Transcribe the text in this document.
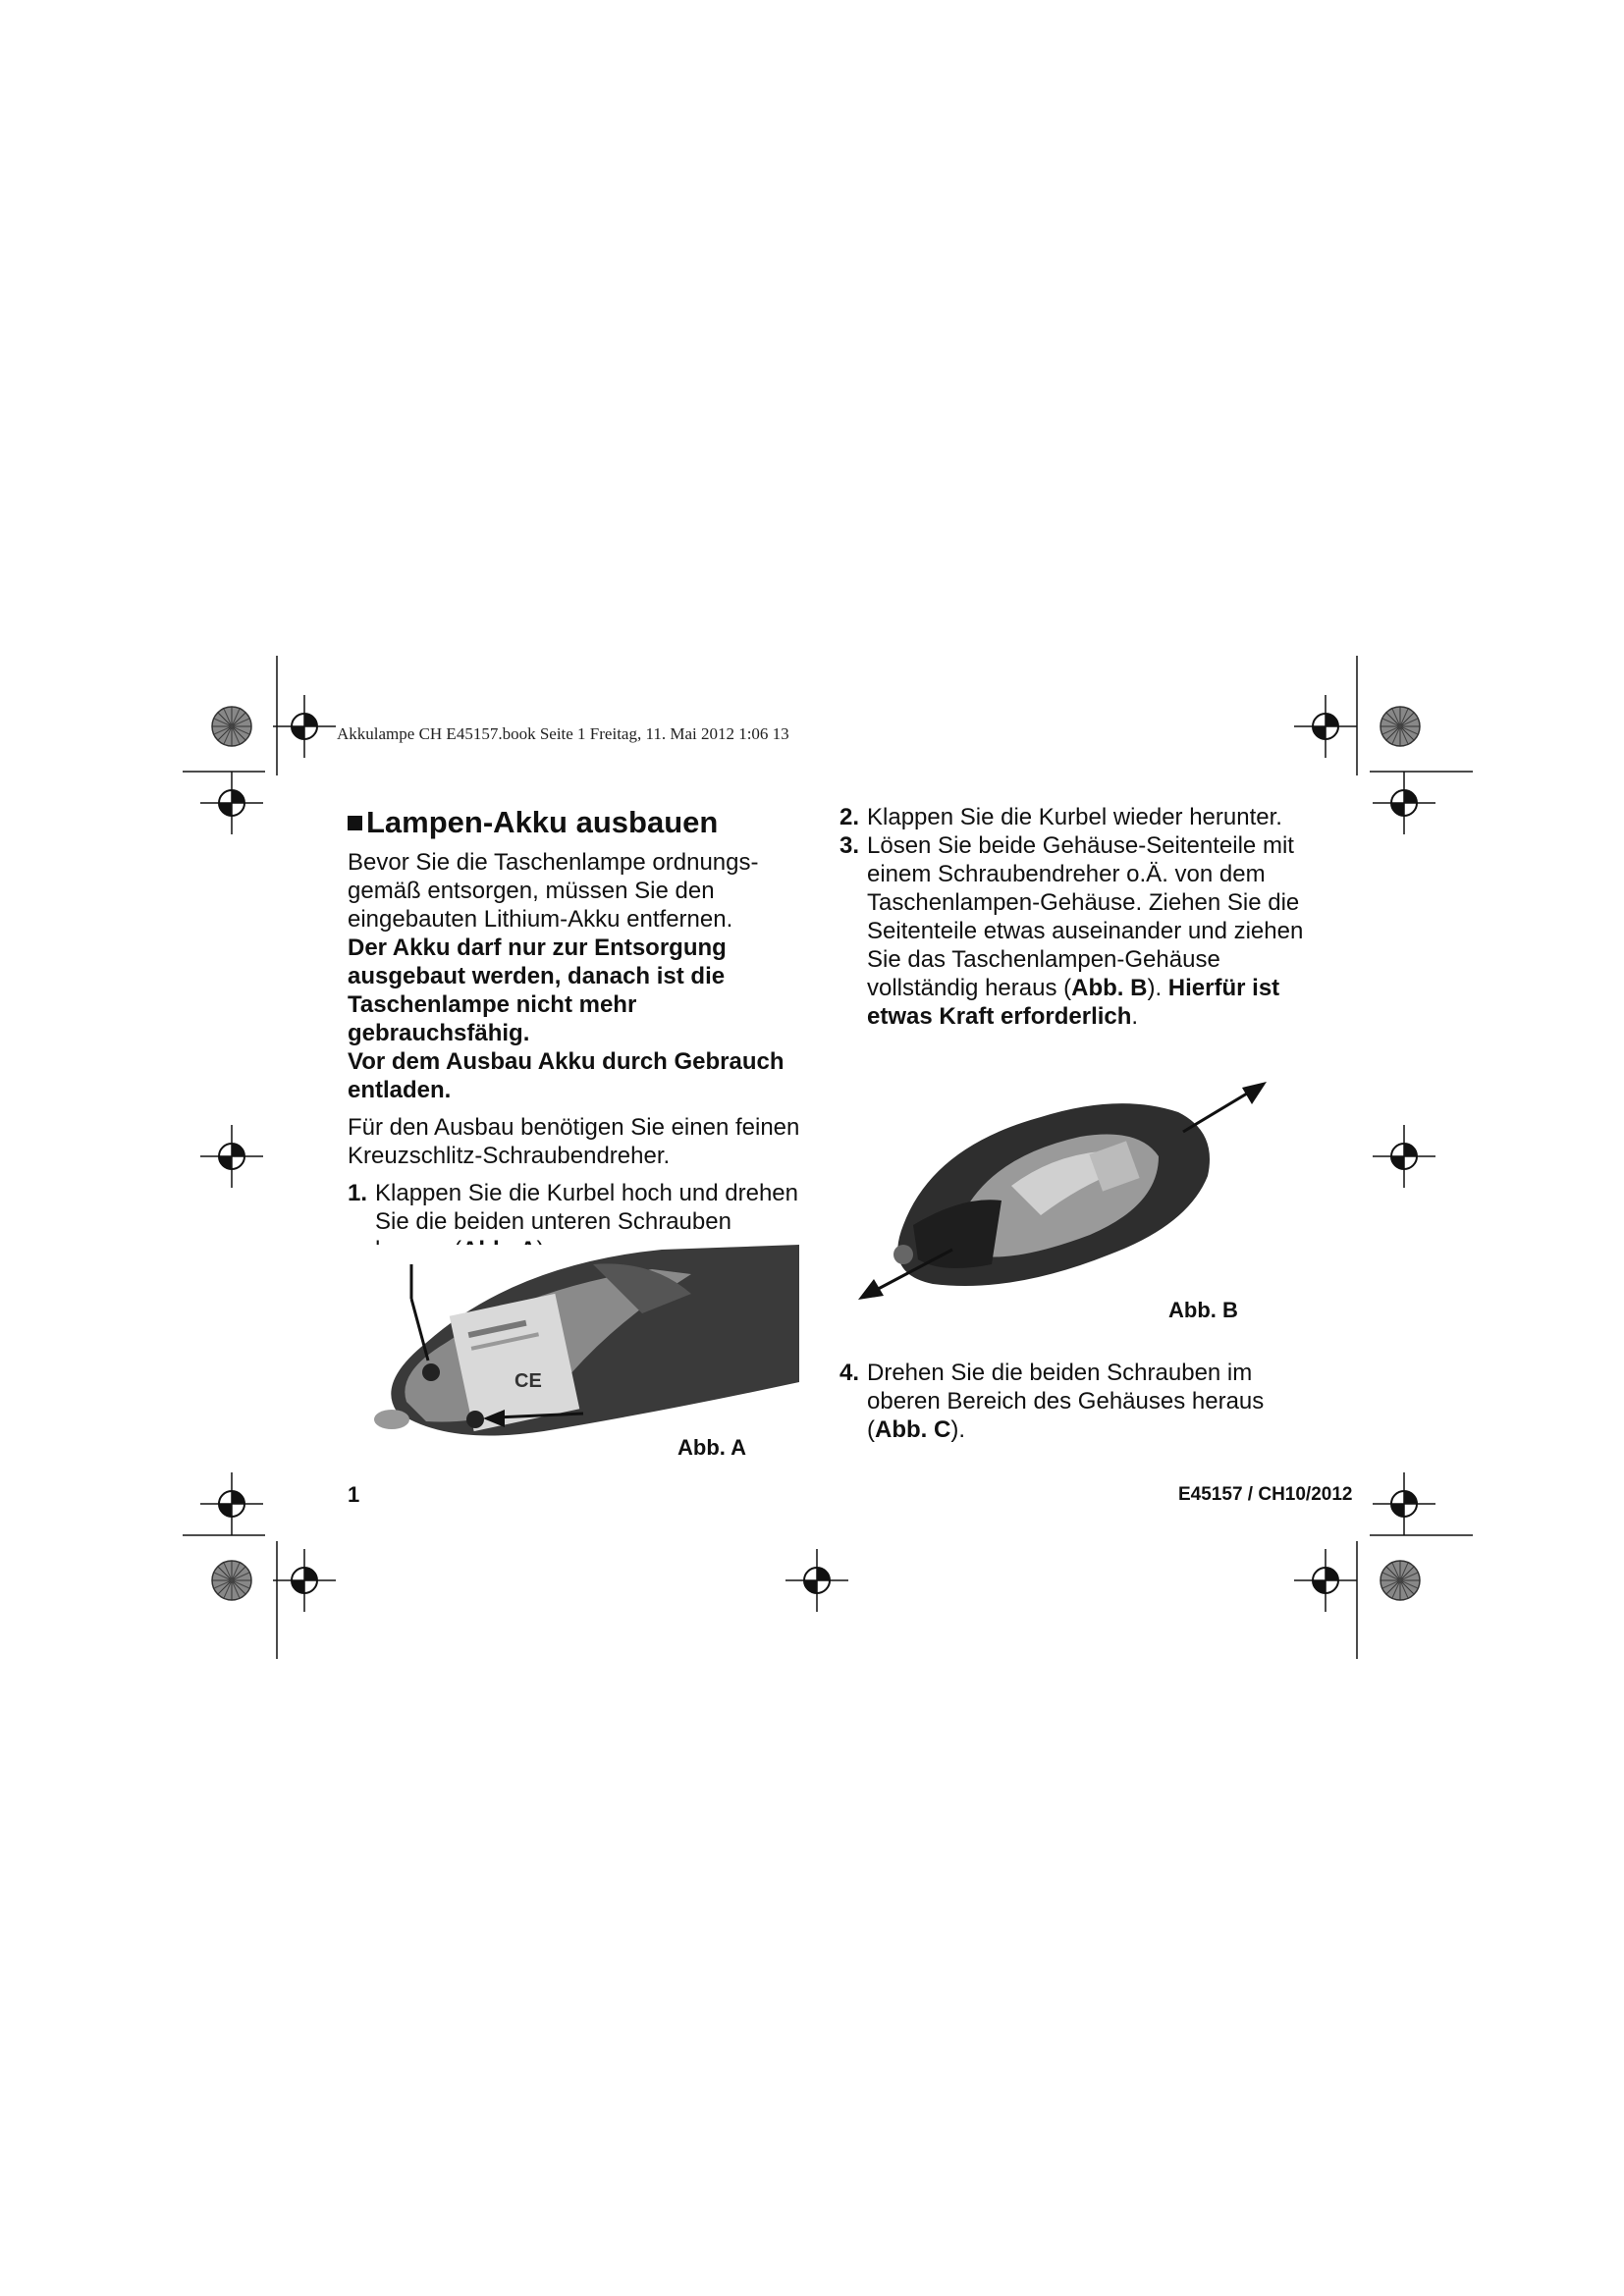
Akkulampe CH E45157.book Seite 1 Freitag, 11. Mai 2012 1:06 13
Lampen-Akku ausbauen

Bevor Sie die Taschenlampe ordnungs-gemäß entsorgen, müssen Sie den eingebauten Lithium-Akku entfernen.

Der Akku darf nur zur Entsorgung ausgebaut werden, danach ist die Taschenlampe nicht mehr gebrauchsfähig.

Vor dem Ausbau Akku durch Gebrauch entladen.

Für den Ausbau benötigen Sie einen feinen Kreuzschlitz-Schraubendreher.

1. Klappen Sie die Kurbel hoch und drehen Sie die beiden unteren Schrauben
CE
Abb. A
2. Klappen Sie die Kurbel wieder herunter.
3. Lösen Sie beide Gehäuse-Seitenteile mit einem Schraubendreher o.Ä. von dem Taschenlampen-Gehäuse. Ziehen Sie die Seitenteile etwas auseinander und ziehen Sie das Taschenlampen-Gehäuse vollständig heraus (Abb. B). Hierfür ist etwas Kraft erforderlich.
Abb. B
4. Drehen Sie die beiden Schrauben im oberen Bereich des Gehäuses heraus (Abb. C).
1	E45157 / CH10/2012
